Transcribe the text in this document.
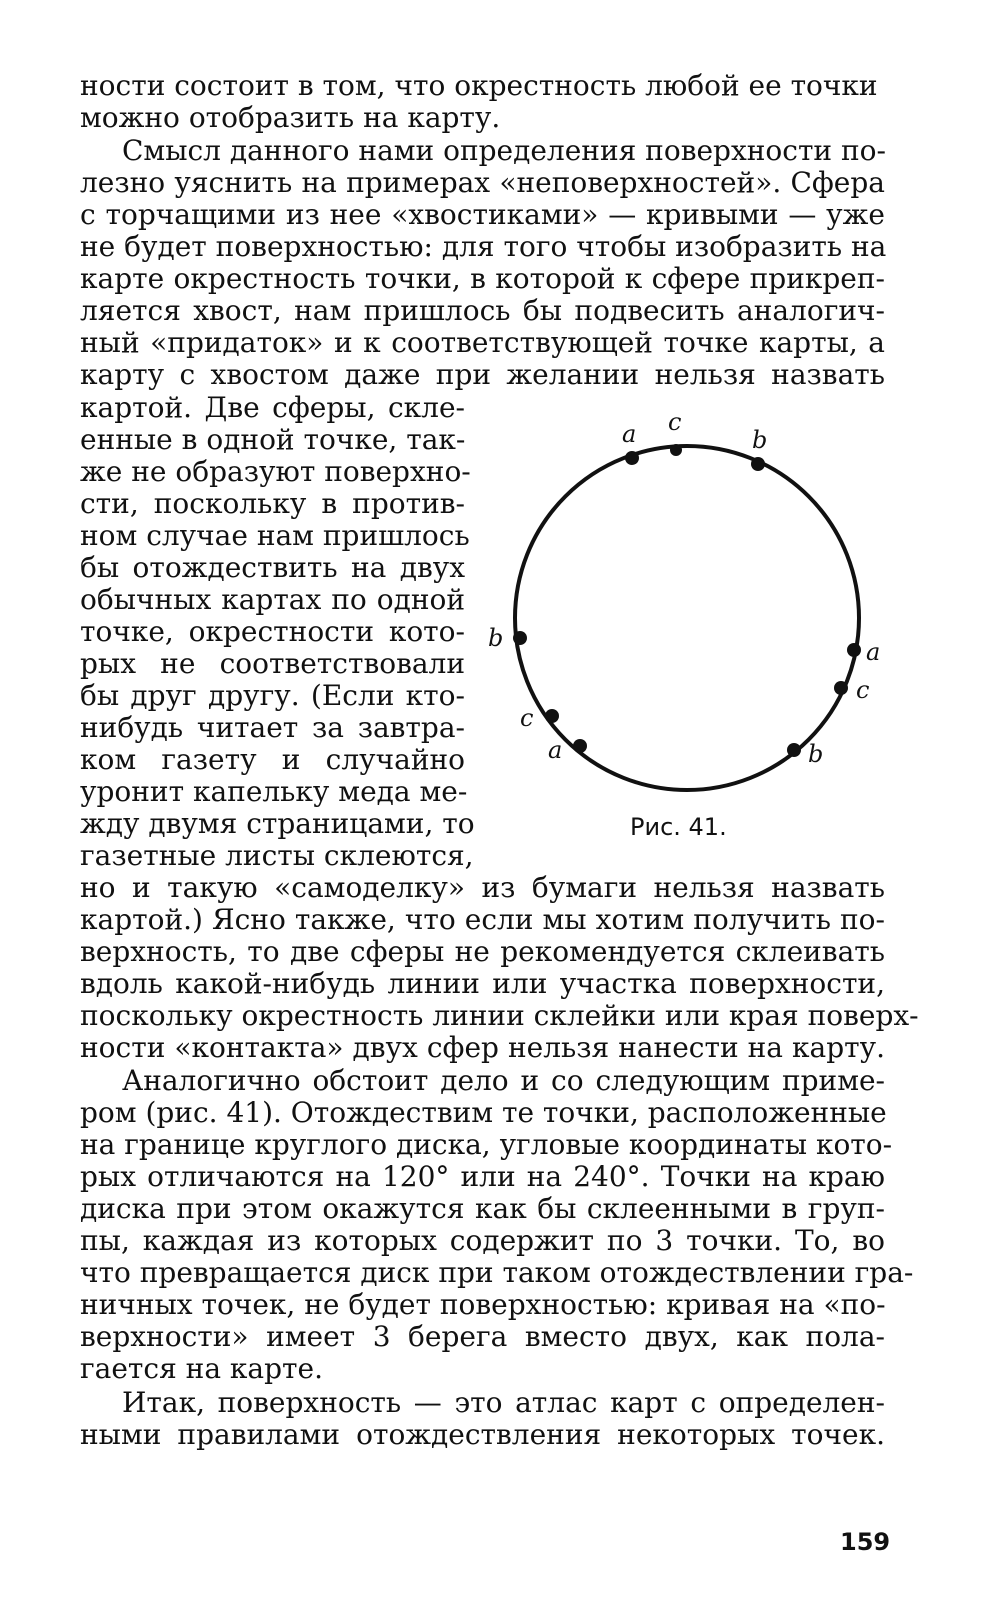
ности состоит в том, что окрестность любой ее точки
можно отобразить на карту.
Смысл данного нами определения поверхности по-
лезно уяснить на примерах «неповерхностей». Сфера
с торчащими из нее «хвостиками» — кривыми — уже
не будет поверхностью: для того чтобы изобразить на
карте окрестность точки, в которой к сфере прикреп-
ляется хвост, нам пришлось бы подвесить аналогич-
ный «придаток» и к соответствующей точке карты, а
карту с хвостом даже при желании нельзя назвать
картой. Две сферы, скле-
енные в одной точке, так-
же не образуют поверхно-
сти, поскольку в против-
ном случае нам пришлось
бы отождествить на двух
обычных картах по одной
точке, окрестности кото-
рых не соответствовали
бы друг другу. (Если кто-
нибудь читает за завтра-
ком газету и случайно
уронит капельку меда ме-
жду двумя страницами, то
газетные листы склеются,
но и такую «самоделку» из бумаги нельзя назвать
картой.) Ясно также, что если мы хотим получить по-
верхность, то две сферы не рекомендуется склеивать
вдоль какой-нибудь линии или участка поверхности,
поскольку окрестность линии склейки или края поверх-
ности «контакта» двух сфер нельзя нанести на карту.
Аналогично обстоит дело и со следующим приме-
ром (рис. 41). Отождествим те точки, расположенные
на границе круглого диска, угловые координаты кото-
рых отличаются на 120° или на 240°. Точки на краю
диска при этом окажутся как бы склеенными в груп-
пы, каждая из которых содержит по 3 точки. То, во
что превращается диск при таком отождествлении гра-
ничных точек, не будет поверхностью: кривая на «по-
верхности» имеет 3 берега вместо двух, как пола-
гается на карте.
Итак, поверхность — это атлас карт с определен-
ными правилами отождествления некоторых точек.
a c
b
a
c
b
b
c
a
Рис. 41.
159
